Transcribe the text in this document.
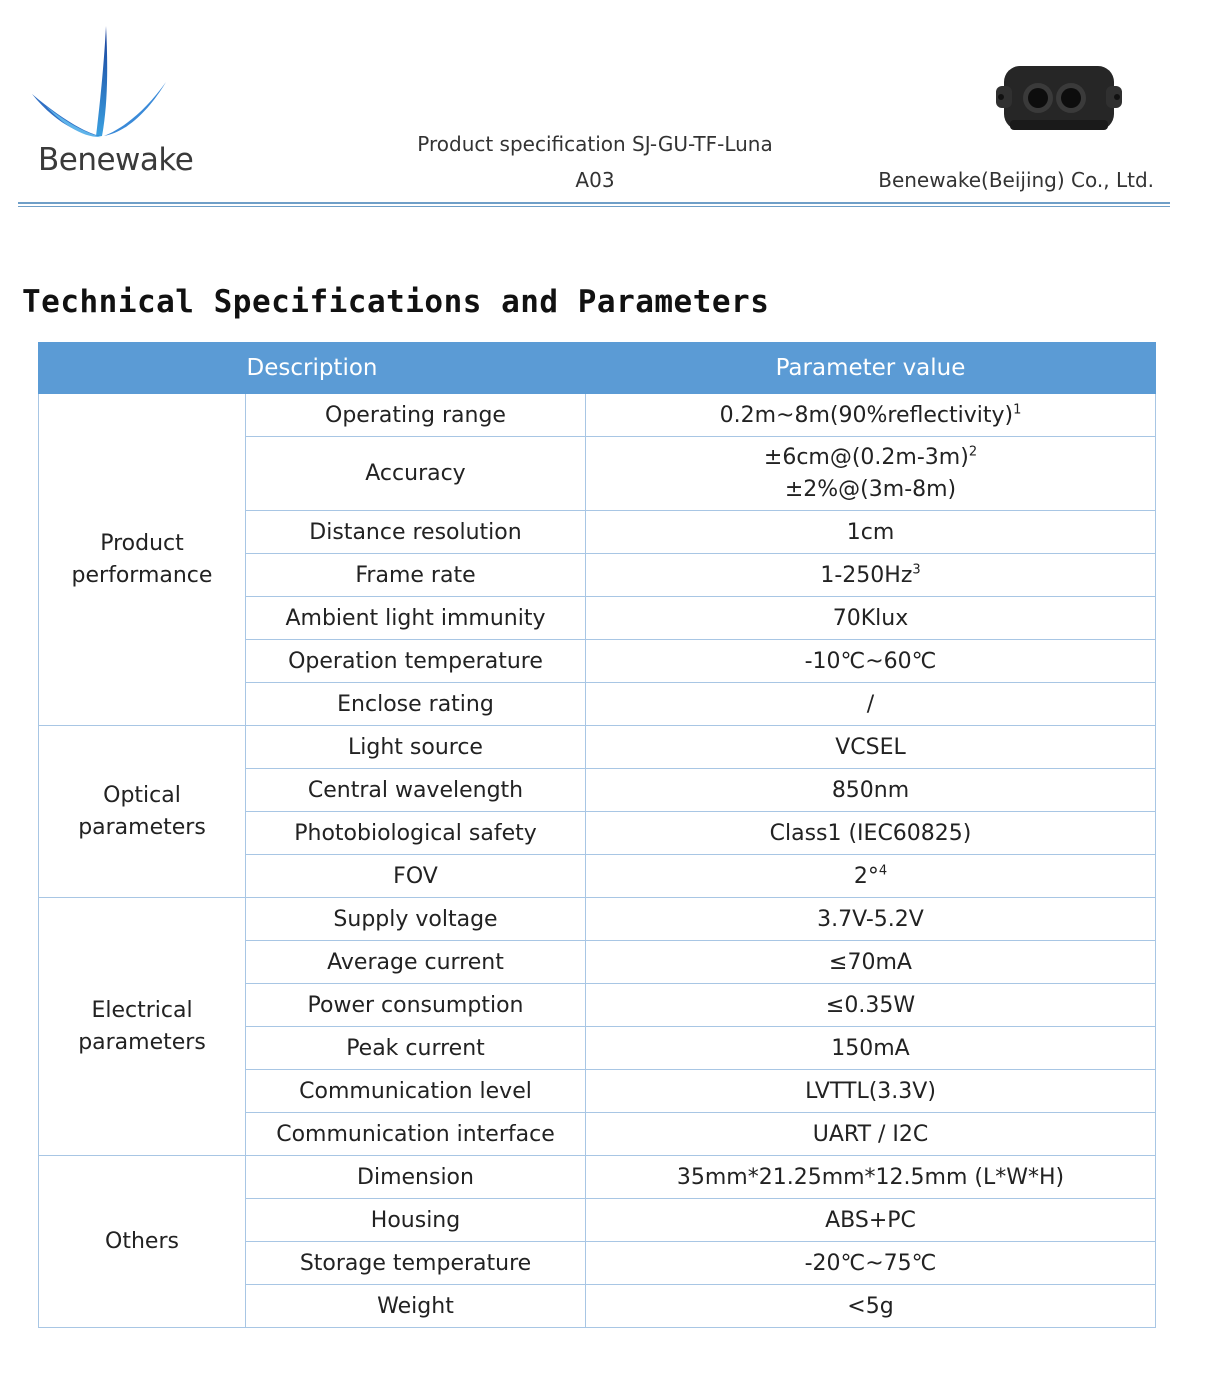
Benewake	Product specification SJ-GU-TF-Luna
A03	Benewake(Beijing) Co., Ltd.
Technical Specifications and Parameters
Description		Parameter value
Product
performance	Operating range	0.2m~8m(90%reflectivity)$^1$
	Accuracy	$\pm 6cm@(0.2m-3m)^2$
±2%@(3m-8m)
	Distance resolution	1cm
	Frame rate	1-250Hz$^3$
	Ambient light immunity	70Klux
	Operation temperature	-10℃~60℃
	Enclose rating	/
Optical
parameters	Light source	VCSEL
	Central wavelength	850nm
	Photobiological safety	Class1 (IEC60825)
	FOV	2°$^4$
Electrical
parameters	Supply voltage	3.7V-5.2V
	Average current	≤70mA
	Power consumption	≤0.35W
	Peak current	150mA
	Communication level	LVTTL(3.3V)
	Communication interface	UART / I2C
Others	Dimension	35mm*21.25mm*12.5mm (L*W*H)
	Housing	ABS+PC
	Storage temperature	-20℃~75℃
	Weight	<5g
